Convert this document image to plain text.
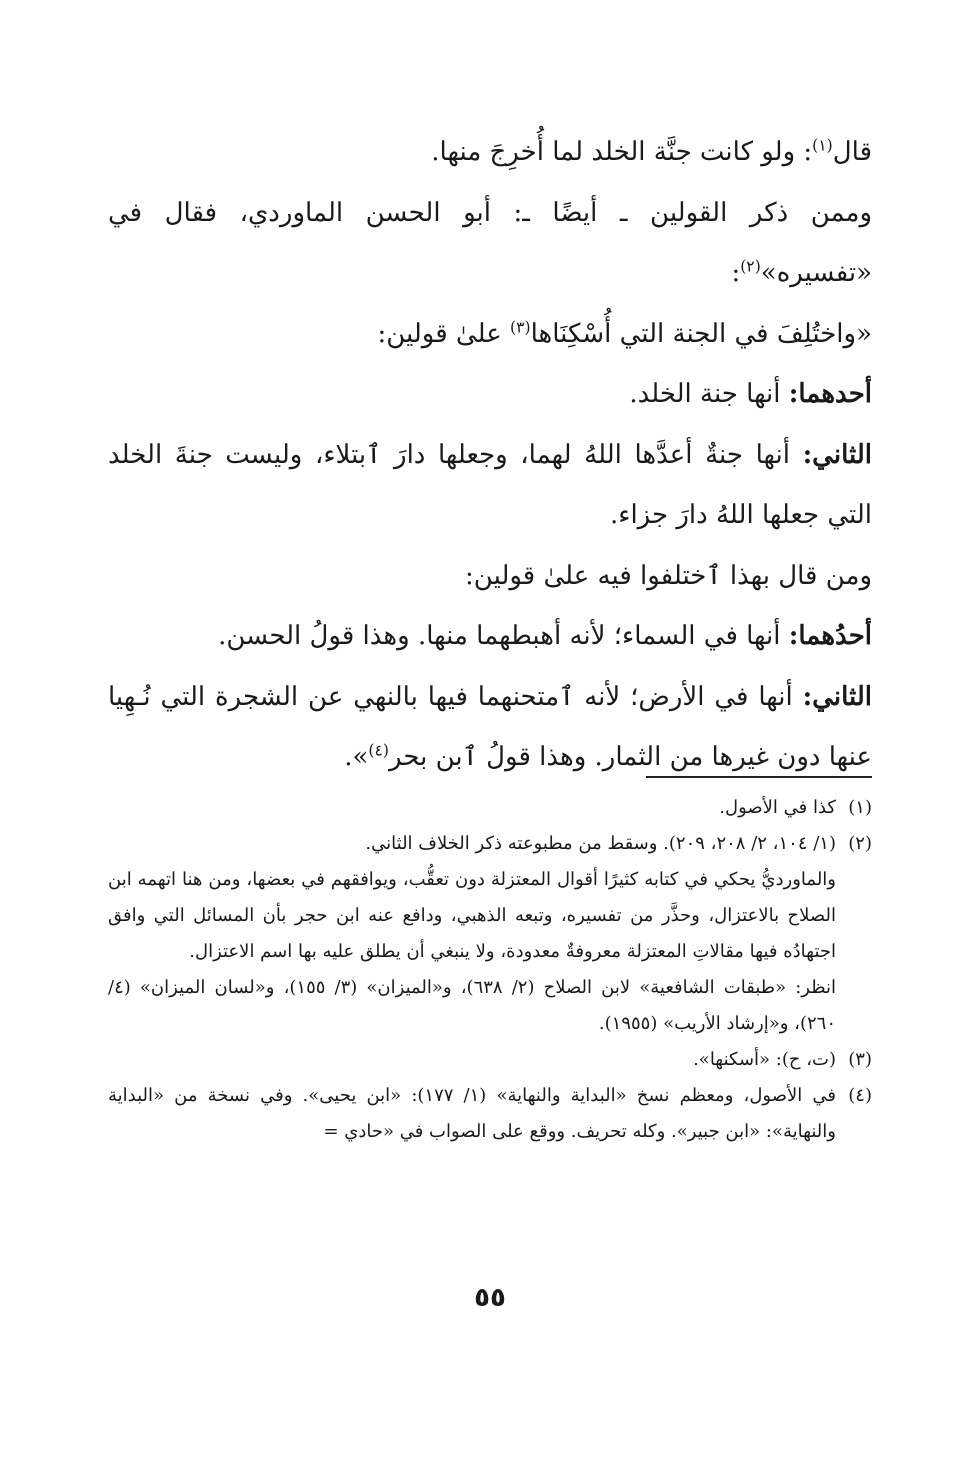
قال$^{(١)}$: ولو كانت جنَّة الخلد لما أُخرِجَ منها.

وممن ذكر القولين ـ أيضًا ـ: أبو الحسن الماوردي، فقال في «تفسيره»$^{(٢)}$:

«واختُلِفَ في الجنة التي أُسْكِنَاها$^{(٣)}$ علىٰ قولين:

أحدهما: أنها جنة الخلد.

الثاني: أنها جنةٌ أعدَّها اللهُ لهما، وجعلها دارَ ٱبتلاء، وليست جنةَ الخلد التي جعلها اللهُ دارَ جزاء.

ومن قال بهذا ٱختلفوا فيه علىٰ قولين:

أحدُهما: أنها في السماء؛ لأنه أهبطهما منها. وهذا قولُ الحسن.

الثاني: أنها في الأرض؛ لأنه ٱمتحنهما فيها بالنهي عن الشجرة التي نُـهِيا عنها دون غيرها من الثمار. وهذا قولُ ٱبن بحر$^{(٤)}$».

(١)

كذا في الأصول.

(٢)

(١/ ١٠٤، ٢/ ٢٠٨، ٢٠٩). وسقط من مطبوعته ذكر الخلاف الثاني.

والماورديُّ يحكي في كتابه كثيرًا أقوال المعتزلة دون تعقُّب، ويوافقهم في بعضها، ومن هنا اتهمه ابن الصلاح بالاعتزال، وحذَّر من تفسيره، وتبعه الذهبي، ودافع عنه ابن حجر بأن المسائل التي وافق اجتهادُه فيها مقالاتِ المعتزلة معروفةٌ معدودة، ولا ينبغي أن يطلق عليه بها اسم الاعتزال.

انظر: «طبقات الشافعية» لابن الصلاح (٢/ ٦٣٨)، و«الميزان» (٣/ ١٥٥)، و«لسان الميزان» (٤/ ٢٦٠)، و«إرشاد الأريب» (١٩٥٥).

(٣)

(ت، ح): «أسكنها».

(٤)

في الأصول، ومعظم نسخ «البداية والنهاية» (١/ ١٧٧): «ابن يحيى». وفي نسخة من «البداية والنهاية»: «ابن جبير». وكله تحريف. ووقع على الصواب في «حادي =

٥٥
